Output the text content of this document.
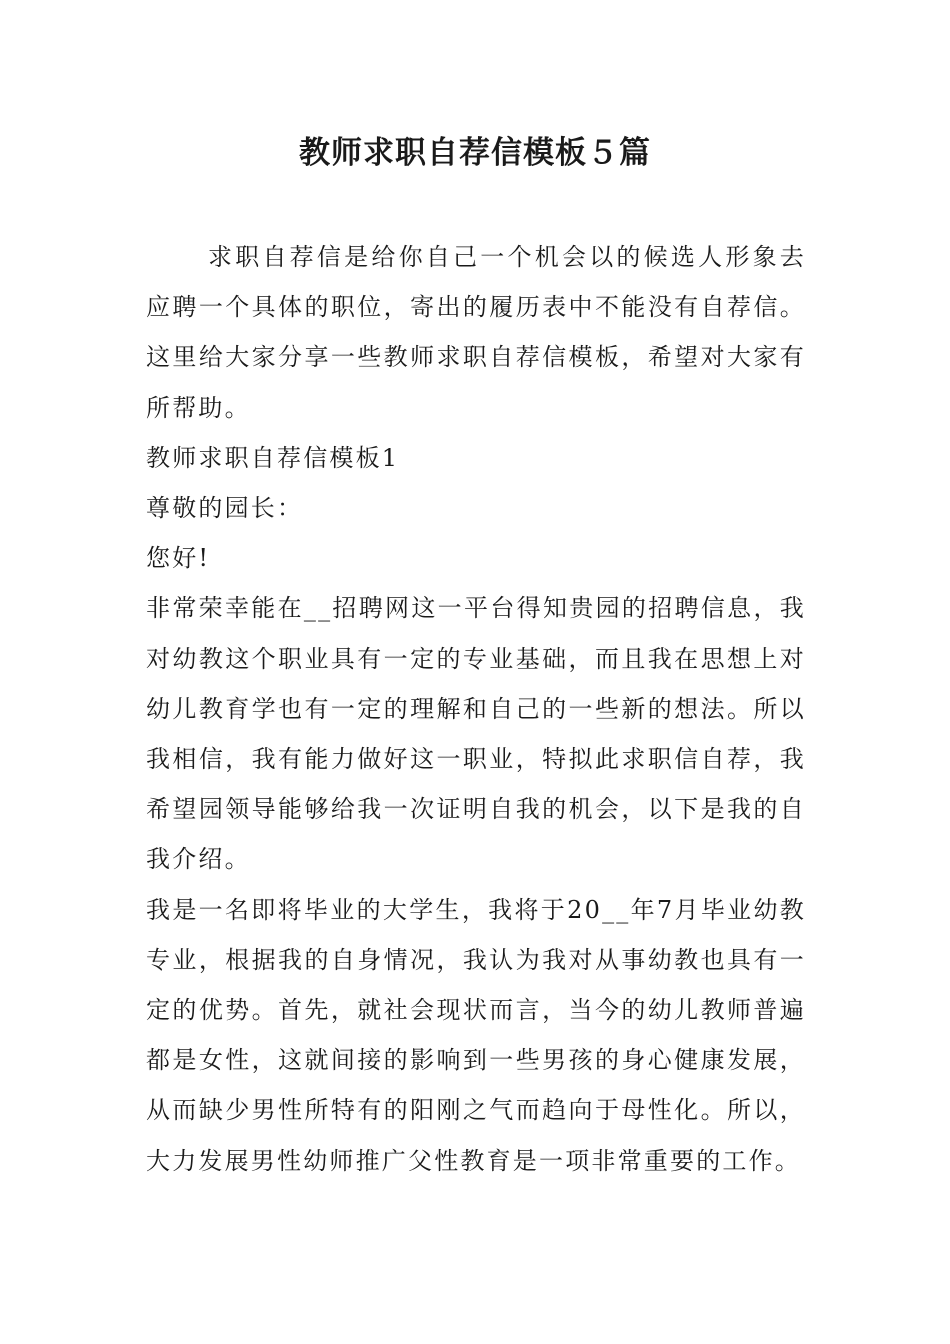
教师求职自荐信模板５篇

求职自荐信是给你自己一个机会以的候选人形象去应聘一个具体的职位，寄出的履历表中不能没有自荐信。这里给大家分享一些教师求职自荐信模板，希望对大家有所帮助。

教师求职自荐信模板1

尊敬的园长：

您好!

非常荣幸能在__招聘网这一平台得知贵园的招聘信息，我对幼教这个职业具有一定的专业基础，而且我在思想上对幼儿教育学也有一定的理解和自己的一些新的想法。所以我相信，我有能力做好这一职业，特拟此求职信自荐，我希望园领导能够给我一次证明自我的机会，以下是我的自我介绍。

我是一名即将毕业的大学生，我将于20__年7月毕业幼教专业，根据我的自身情况，我认为我对从事幼教也具有一定的优势。首先，就社会现状而言，当今的幼儿教师普遍都是女性，这就间接的影响到一些男孩的身心健康发展，从而缺少男性所特有的阳刚之气而趋向于母性化。所以，大力发展男性幼师推广父性教育是一项非常重要的工作。
